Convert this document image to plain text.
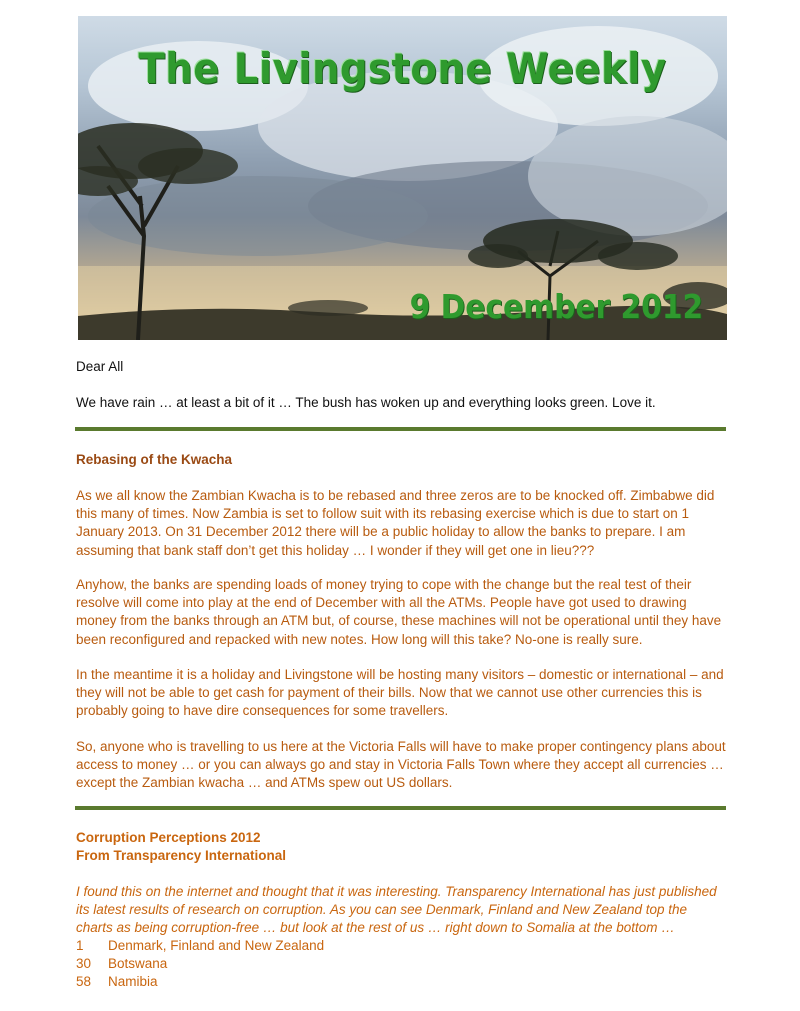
The Livingstone Weekly
9 December 2012
Dear All
We have rain … at least a bit of it … The bush has woken up and everything looks green. Love it.
Rebasing of the Kwacha
As we all know the Zambian Kwacha is to be rebased and three zeros are to be knocked off. Zimbabwe did this many of times. Now Zambia is set to follow suit with its rebasing exercise which is due to start on 1 January 2013. On 31 December 2012 there will be a public holiday to allow the banks to prepare. I am assuming that bank staff don’t get this holiday … I wonder if they will get one in lieu???
Anyhow, the banks are spending loads of money trying to cope with the change but the real test of their resolve will come into play at the end of December with all the ATMs. People have got used to drawing money from the banks through an ATM but, of course, these machines will not be operational until they have been reconfigured and repacked with new notes. How long will this take? No-one is really sure.
In the meantime it is a holiday and Livingstone will be hosting many visitors – domestic or international – and they will not be able to get cash for payment of their bills. Now that we cannot use other currencies this is probably going to have dire consequences for some travellers.
So, anyone who is travelling to us here at the Victoria Falls will have to make proper contingency plans about access to money … or you can always go and stay in Victoria Falls Town where they accept all currencies … except the Zambian kwacha … and ATMs spew out US dollars.
Corruption Perceptions 2012
From Transparency International
I found this on the internet and thought that it was interesting. Transparency International has just published its latest results of research on corruption. As you can see Denmark, Finland and New Zealand top the charts as being corruption-free … but look at the rest of us … right down to Somalia at the bottom …
1	Denmark, Finland and New Zealand
30	Botswana
58	Namibia
